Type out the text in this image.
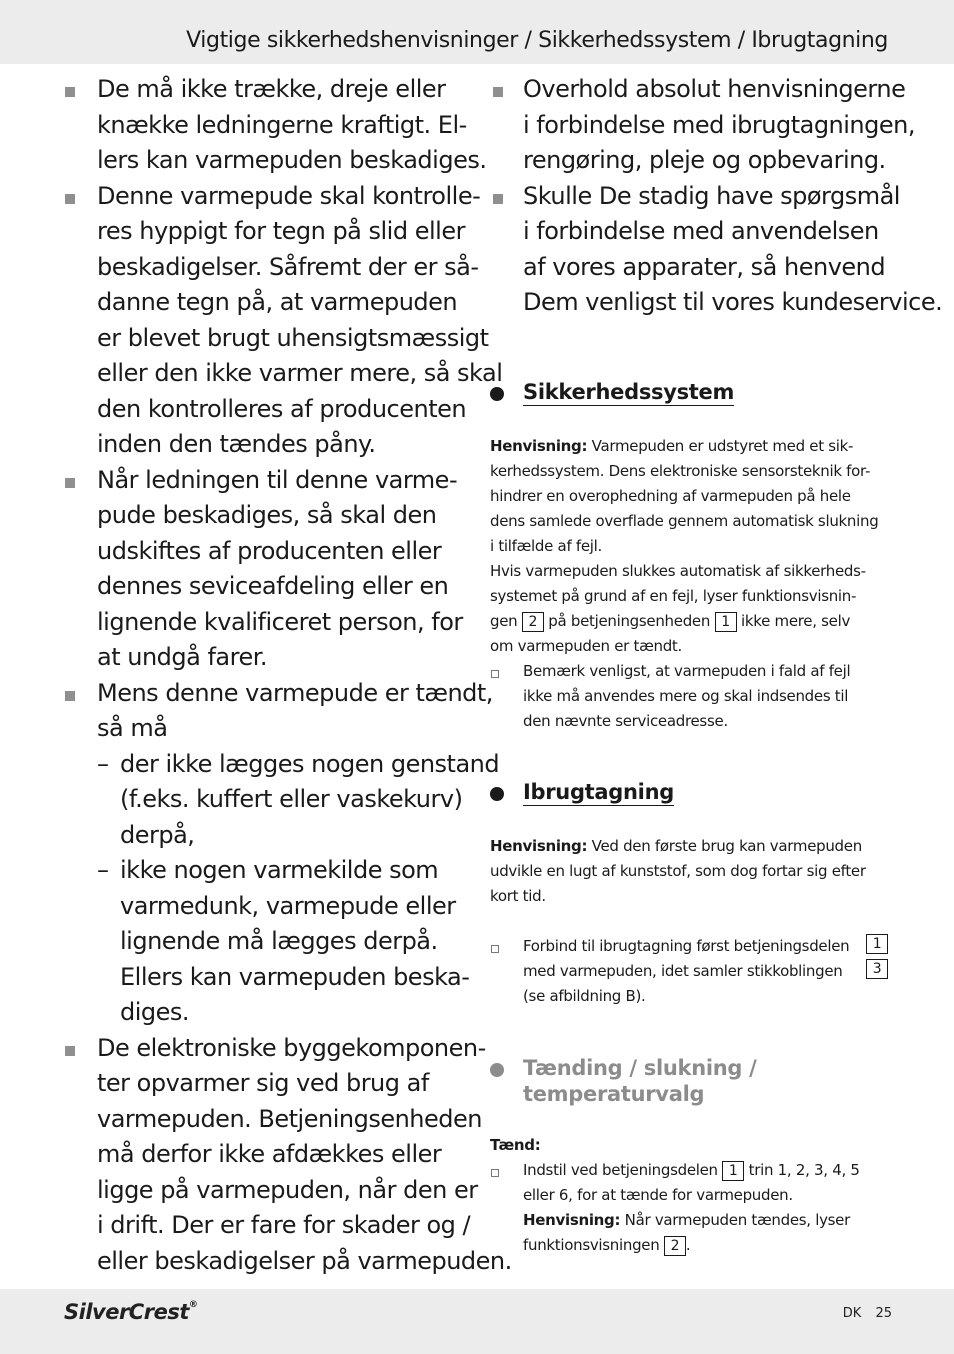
Vigtige sikkerhedshenvisninger / Sikkerhedssystem / Ibrugtagning
De må ikke trække, dreje eller
knække ledningerne kraftigt. El-
lers kan varmepuden beskadiges.
Denne varmepude skal kontrolle-
res hyppigt for tegn på slid eller
beskadigelser. Såfremt der er så-
danne tegn på, at varmepuden
er blevet brugt uhensigtsmæssigt
eller den ikke varmer mere, så skal
den kontrolleres af producenten
inden den tændes påny.
Når ledningen til denne varme-
pude beskadiges, så skal den
udskiftes af producenten eller
dennes seviceafdeling eller en
lignende kvalificeret person, for
at undgå farer.
Mens denne varmepude er tændt,
så må
– der ikke lægges nogen genstand
(f.eks. kuffert eller vaskekurv)
derpå,
– ikke nogen varmekilde som
varmedunk, varmepude eller
lignende må lægges derpå.
Ellers kan varmepuden beska-
diges.
De elektroniske byggekomponen-
ter opvarmer sig ved brug af
varmepuden. Betjeningsenheden
må derfor ikke afdækkes eller
ligge på varmepuden, når den er
i drift. Der er fare for skader og /
eller beskadigelser på varmepuden.
Overhold absolut henvisningerne
i forbindelse med ibrugtagningen,
rengøring, pleje og opbevaring.
Skulle De stadig have spørgsmål
i forbindelse med anvendelsen
af vores apparater, så henvend
Dem venligst til vores kundeservice.
Sikkerhedssystem
Henvisning: Varmepuden er udstyret med et sik-
kerhedssystem. Dens elektroniske sensorsteknik for-
hindrer en overophedning af varmepuden på hele
dens samlede overflade gennem automatisk slukning
i tilfælde af fejl.
Hvis varmepuden slukkes automatisk af sikkerheds-
systemet på grund af en fejl, lyser funktionsvisnin-
gen 2 på betjeningsenheden 1 ikke mere, selv
om varmepuden er tændt.
Bemærk venligst, at varmepuden i fald af fejl
ikke må anvendes mere og skal indsendes til
den nævnte serviceadresse.
Ibrugtagning
Henvisning: Ved den første brug kan varmepuden
udvikle en lugt af kunststof, som dog fortar sig efter
kort tid.
Forbind til ibrugtagning først betjeningsdelen	1
med varmepuden, idet samler stikkoblingen	3
(se afbildning B).
Tænding / slukning /
temperaturvalg
Tænd:
Indstil ved betjeningsdelen 1 trin 1, 2, 3, 4, 5
eller 6, for at tænde for varmepuden.
Henvisning: Når varmepuden tændes, lyser
funktionsvisningen 2 .
SilverCrest®
DK 25
